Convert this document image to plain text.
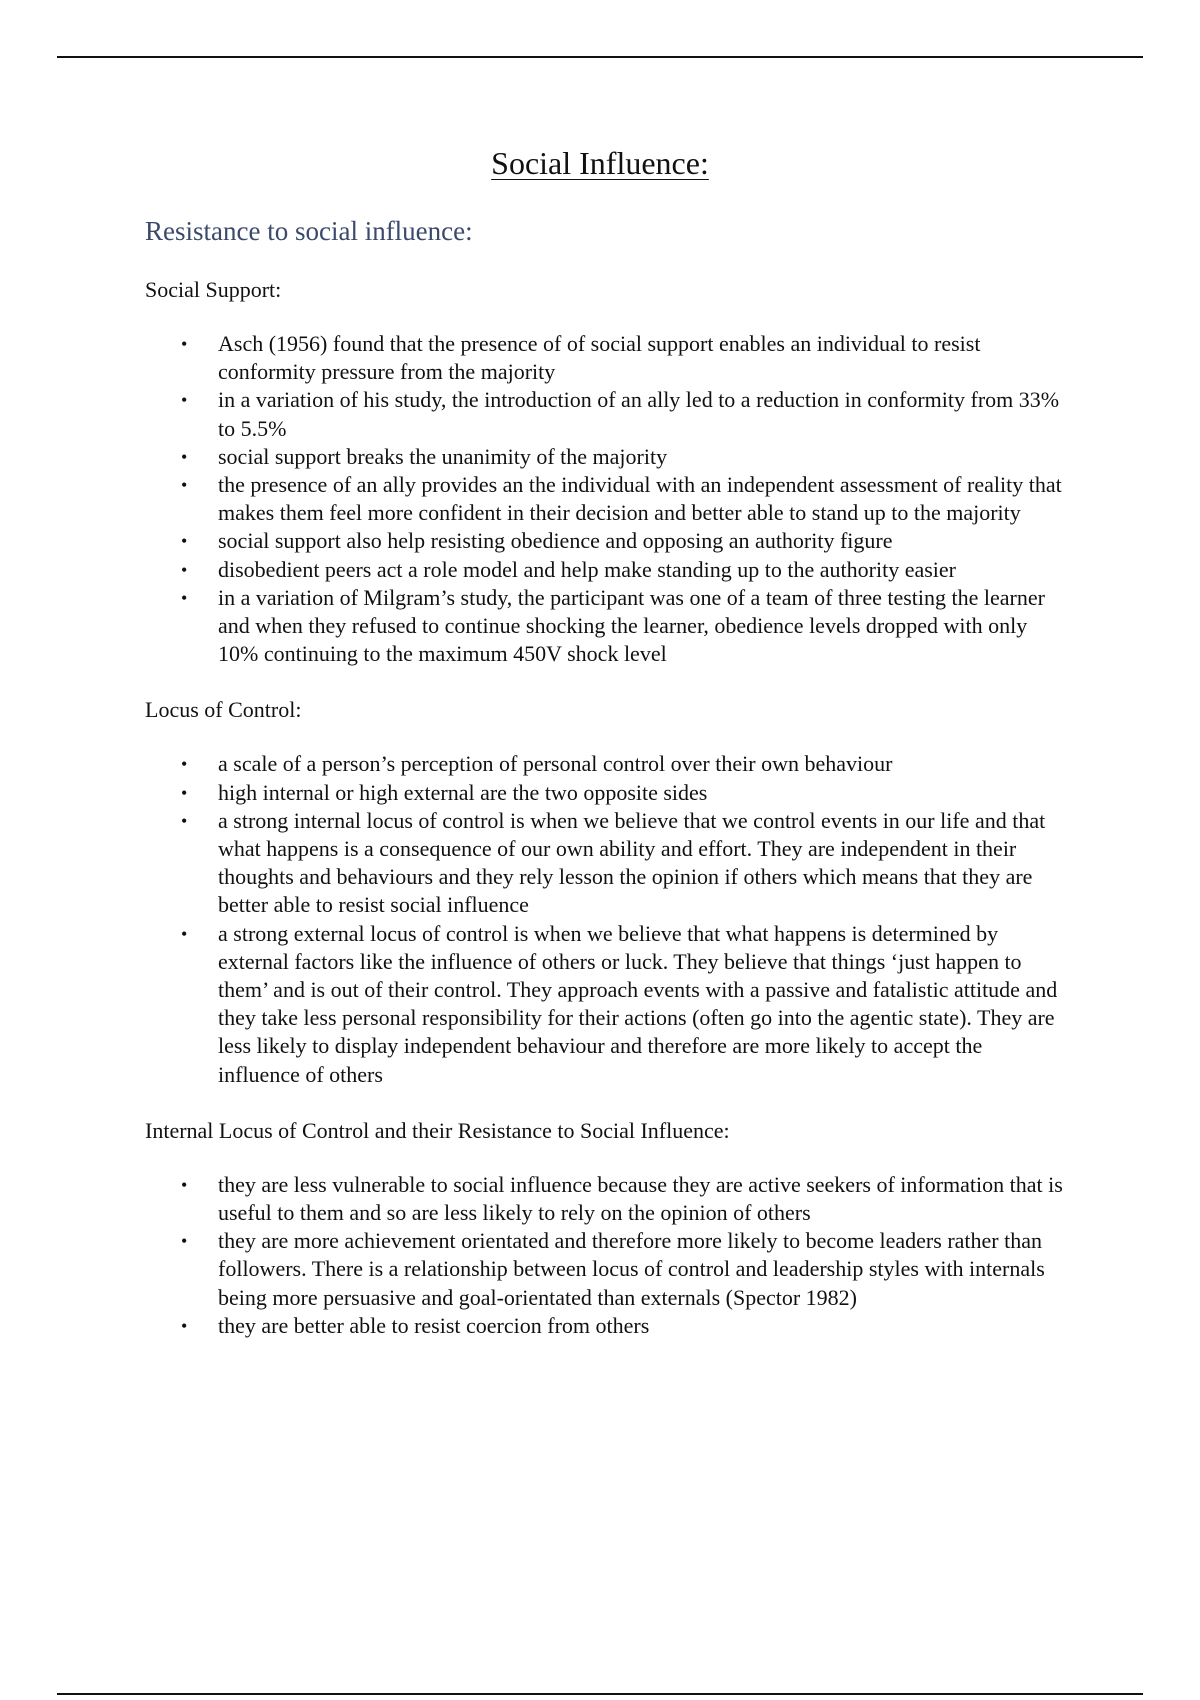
Social Influence:
Resistance to social influence:

Social Support:

• Asch (1956) found that the presence of of social support enables an individual to resist conformity pressure from the majority
• in a variation of his study, the introduction of an ally led to a reduction in conformity from 33% to 5.5%
• social support breaks the unanimity of the majority
• the presence of an ally provides an the individual with an independent assessment of reality that makes them feel more confident in their decision and better able to stand up to the majority
• social support also help resisting obedience and opposing an authority figure
• disobedient peers act a role model and help make standing up to the authority easier
• in a variation of Milgram’s study, the participant was one of a team of three testing the learner and when they refused to continue shocking the learner, obedience levels dropped with only 10% continuing to the maximum 450V shock level

Locus of Control:

• a scale of a person’s perception of personal control over their own behaviour
• high internal or high external are the two opposite sides
• a strong internal locus of control is when we believe that we control events in our life and that what happens is a consequence of our own ability and effort. They are independent in their thoughts and behaviours and they rely lesson the opinion if others which means that they are better able to resist social influence
• a strong external locus of control is when we believe that what happens is determined by external factors like the influence of others or luck. They believe that things ‘just happen to them’ and is out of their control. They approach events with a passive and fatalistic attitude and they take less personal responsibility for their actions (often go into the agentic state). They are less likely to display independent behaviour and therefore are more likely to accept the influence of others

Internal Locus of Control and their Resistance to Social Influence:

• they are less vulnerable to social influence because they are active seekers of information that is useful to them and so are less likely to rely on the opinion of others
• they are more achievement orientated and therefore more likely to become leaders rather than followers. There is a relationship between locus of control and leadership styles with internals being more persuasive and goal-orientated than externals (Spector 1982)
• they are better able to resist coercion from others
